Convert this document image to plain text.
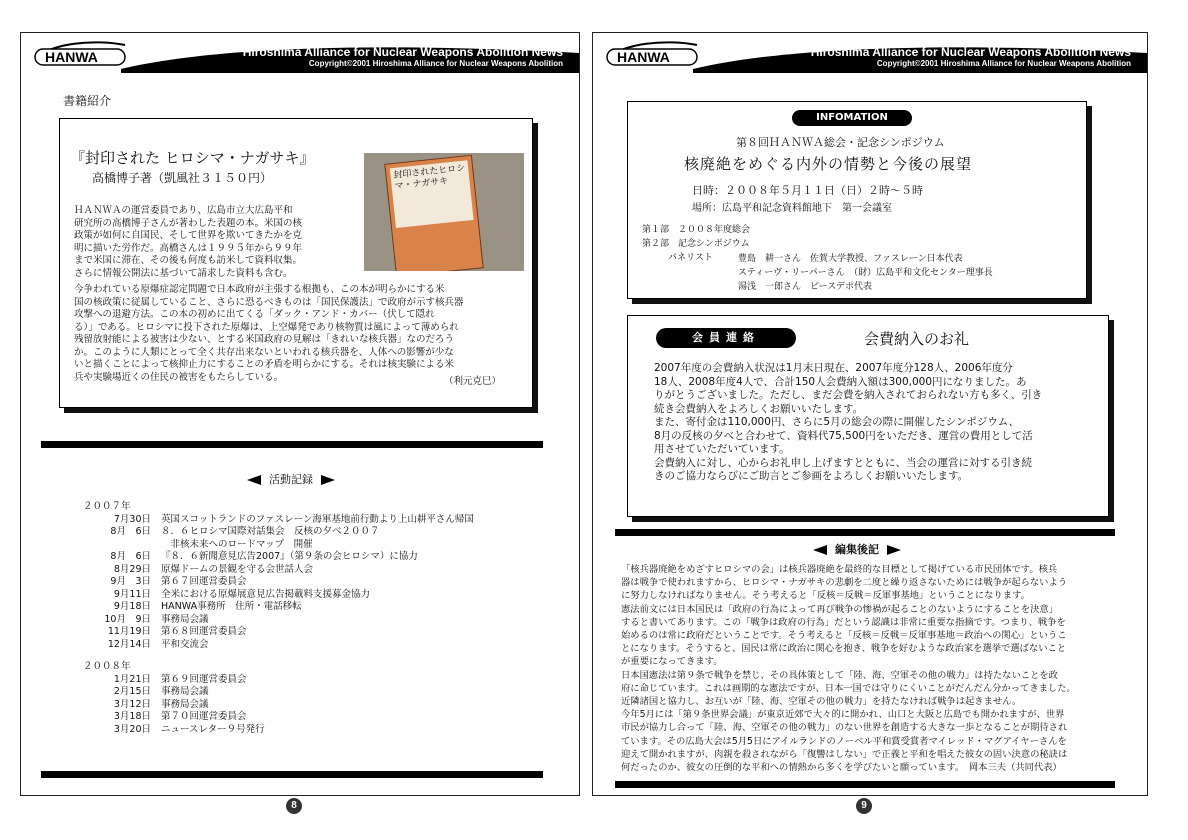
HANWA	Hiroshima Alliance for Nuclear Weapons Abolition News
Copyright©2001 Hiroshima Alliance for Nuclear Weapons Abolition
書籍紹介
『封印された ヒロシマ・ナガサキ』
高橋博子著（凱風社３１５０円）	封印されたヒロシマ・ナガサキ
ＨＡＮＷＡの運営委員であり、広島市立大広島平和
研究所の高橋博子さんが著わした表題の本。米国の核
政策が如何に自国民、そして世界を欺いてきたかを克
明に描いた労作だ。高橋さんは１９９５年から９９年
まで米国に滞在、その後も何度も訪米して資料収集。
さらに情報公開法に基づいて請求した資料も含む。
今争われている原爆症認定問題で日本政府が主張する根拠も、この本が明らかにする米
国の核政策に従属していること、さらに恐るべきものは「国民保護法」で政府が示す核兵器
攻撃への退避方法。この本の初めに出てくる「ダック・アンド・カバー（伏して隠れ
る）」である。ヒロシマに投下された原爆は、上空爆発であり核物質は風によって薄められ
残留放射能による被害は少ない、とする米国政府の見解は「きれいな核兵器」なのだろう
か。このように人類にとって全く共存出来ないといわれる核兵器を、人体への影響が少な
いと描くことによって核抑止力にすることの矛盾を明らかにする。それは核実験による米
兵や実験場近くの住民の被害をもたらしている。	（利元克巳）
活動記録
２００７年
7月30日 英国スコットランドのファスレーン海軍基地前行動より上山耕平さん帰国
8月　6日 ８．６ヒロシマ国際対話集会　反核の夕べ２００７
　非核未来へのロードマップ　開催
8月　6日 『８．６新聞意見広告2007』（第９条の会ヒロシマ）に協力
8月29日 原爆ドームの景観を守る会世話人会
9月　3日 第６７回運営委員会
9月11日 全米における原爆展意見広告掲載料支援募金協力
9月18日 HANWA事務所　住所・電話移転
10月　9日 事務局会議
11月19日 第６８回運営委員会
12月14日 平和交流会
２００８年
1月21日 第６９回運営委員会
2月15日 事務局会議
3月12日 事務局会議
3月18日 第７０回運営委員会
3月20日 ニュースレター９号発行
8
HANWA	Hiroshima Alliance for Nuclear Weapons Abolition News
Copyright©2001 Hiroshima Alliance for Nuclear Weapons Abolition
INFOMATION
第８回ＨＡＮＷＡ総会・記念シンポジウム
核廃絶をめぐる内外の情勢と今後の展望
日時：２００８年５月１１日（日）２時～５時
場所：広島平和記念資料館地下　第一会議室
第１部　２００８年度総会
第２部　記念シンポジウム
パネリスト	豊島　耕一さん　佐賀大学教授、ファスレーン日本代表
スティーヴ・リーパーさん　（財）広島平和文化センター理事長
湯浅　一郎さん　ピースデポ代表
会員連絡	会費納入のお礼
2007年度の会費納入状況は1月末日現在、2007年度分128人、2006年度分
18人、2008年度4人で、合計150人会費納入額は300,000円になりました。あ
りがとうございました。ただし、まだ会費を納入されておられない方も多く、引き
続き会費納入をよろしくお願いいたします。
また、寄付金は110,000円、さらに5月の総会の際に開催したシンポジウム、
8月の反核の夕べと合わせて、資料代75,500円をいただき、運営の費用として活
用させていただいています。
会費納入に対し、心からお礼申し上げますとともに、当会の運営に対する引き続
きのご協力ならびにご助言とご参画をよろしくお願いいたします。
編集後記
「核兵器廃絶をめざすヒロシマの会」は核兵器廃絶を最終的な目標として掲げている市民団体です。核兵
器は戦争で使われますから、ヒロシマ・ナガサキの悲劇を二度と繰り返さないためには戦争が起らないよう
に努力しなければなりません。そう考えると「反核＝反戦＝反軍事基地」ということになります。
憲法前文には日本国民は「政府の行為によって再び戦争の惨禍が起ることのないようにすることを決意」
すると書いてあります。この「戦争は政府の行為」だという認識は非常に重要な指摘です。つまり、戦争を
始めるのは常に政府だということです。そう考えると「反核＝反戦＝反軍事基地＝政治への関心」というこ
とになります。そうすると、国民は常に政治に関心を抱き、戦争を好むような政治家を選挙で選ばないこと
が重要になってきます。
日本国憲法は第９条で戦争を禁じ、その具体策として「陸、海、空軍その他の戦力」は持たないことを政
府に命じています。これは画期的な憲法ですが、日本一国では守りにくいことがだんだん分かってきました。
近隣諸国と協力し、お互いが「陸、海、空軍その他の戦力」を持たなければ戦争は起きません。
今年5月には「第９条世界会議」が東京近郊で大々的に開かれ、山口と大阪と広島でも開かれますが、世界
市民が協力し合って「陸、海、空軍その他の戦力」のない世界を創造する大きな一歩となることが期待され
ています。その広島大会は5月5日にアイルランドのノーベル平和賞受賞者マイレッド・マグアイヤーさんを
迎えて開かれますが、肉親を殺されながら「復讐はしない」で正義と平和を唱えた彼女の固い決意の秘訣は
何だったのか、彼女の圧倒的な平和への情熱から多くを学びたいと願っています。　岡本三夫（共同代表）
9
